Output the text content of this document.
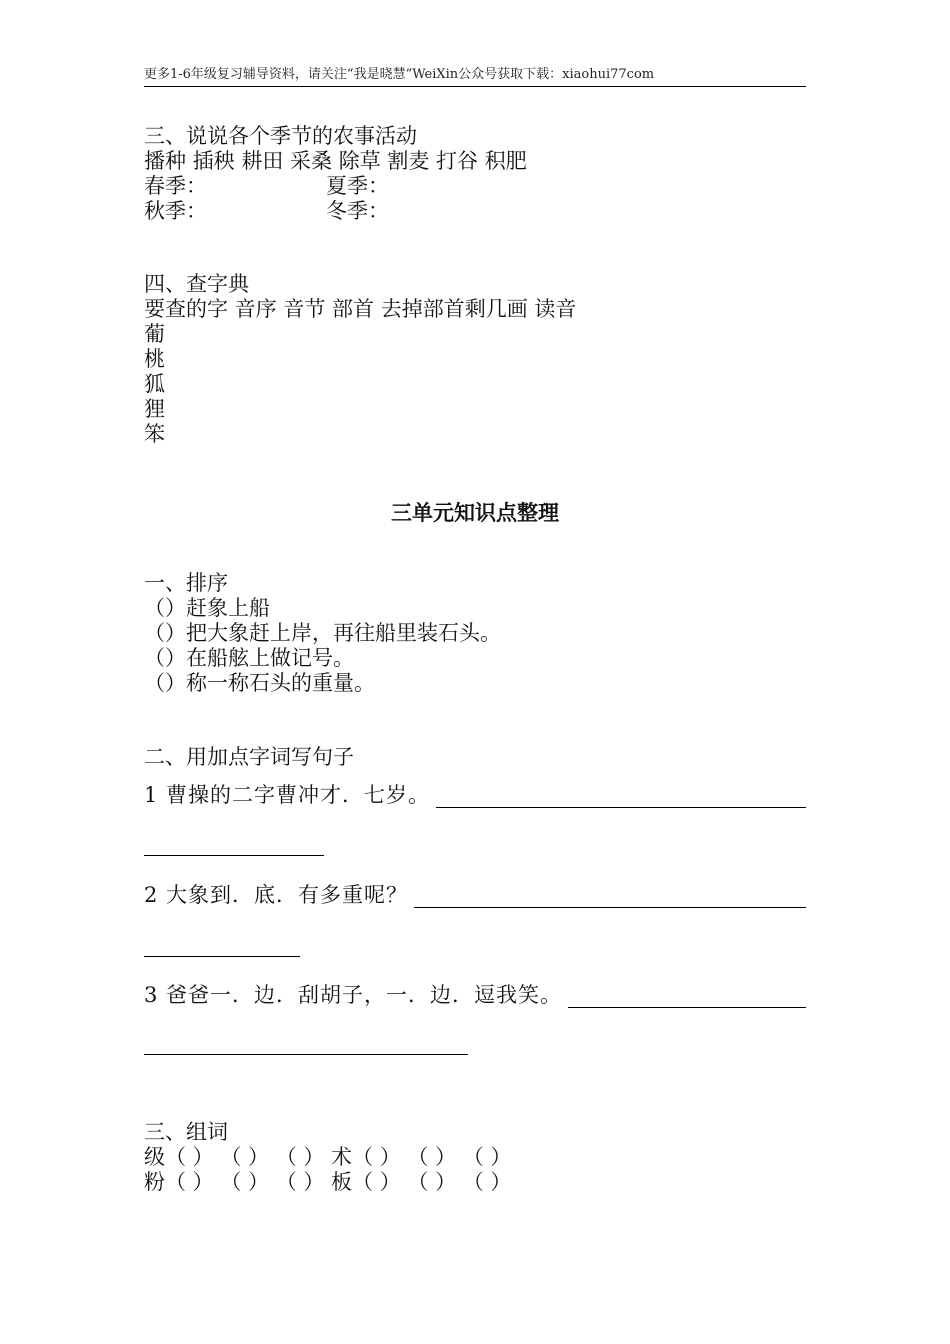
更多1-6年级复习辅导资料，请关注“我是晓慧”WeiXin公众号获取下载：xiaohui77com
三、说说各个季节的农事活动
播种 插秧 耕田 采桑 除草 割麦 打谷 积肥
春季：	夏季：
秋季：	冬季：
四、查字典
要查的字 音序 音节 部首 去掉部首剩几画 读音
葡
桃
狐
狸
笨
三单元知识点整理
一、排序
（）赶象上船
（）把大象赶上岸，再往船里装石头。
（）在船舷上做记号。
（）称一称石头的重量。
二、用加点字词写句子
1 曹操的二字曹冲才．七岁。
2 大象到．底．有多重呢？
3 爸爸一．边．刮胡子，一．边．逗我笑。
三、组词
级（ ） （ ） （ ） 术（ ） （ ） （ ）
粉（ ） （ ） （ ） 板（ ） （ ） （ ）
